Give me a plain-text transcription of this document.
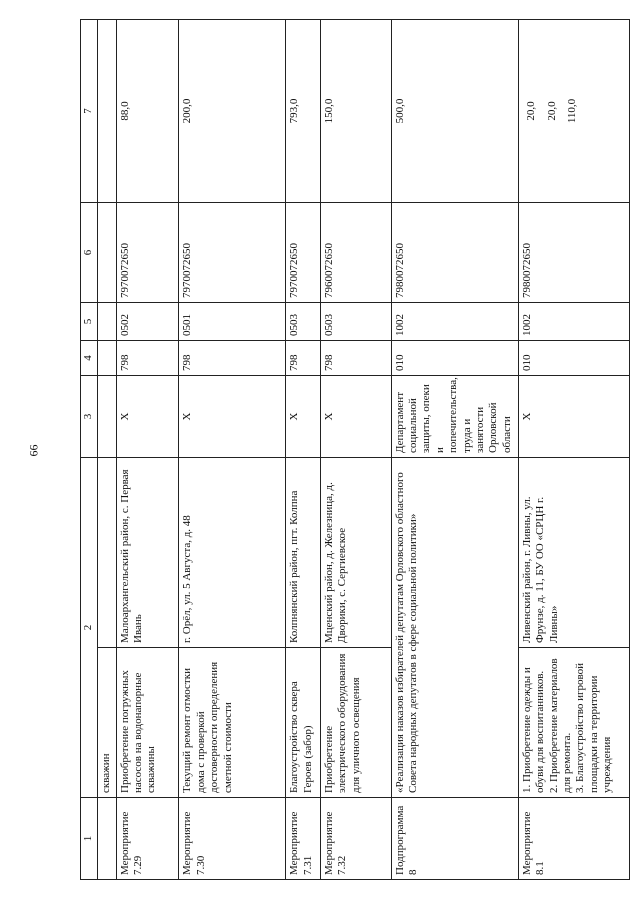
66
1	2		3	4	5	6	7
	скважин						
Мероприятие 7.29	Приобретение погружных насосов на водонапорные скважины	Малоархангельский район, с. Первая Ивань	X	798	0502	7970072650	88,0
Мероприятие 7.30	Текущий ремонт отмостки дома с проверкой достоверности определения сметной стоимости	г. Орёл, ул. 5 Августа, д. 48	X	798	0501	7970072650	200,0
Мероприятие 7.31	Благоустройство сквера Героев (забор)	Колпнянский район, пгт. Колпна	X	798	0503	7970072650	793,0
Мероприятие 7.32	Приобретение электрического оборудования для уличного освещения	Мценский район, д. Железница, д. Дворики, с. Сергиевское	X	798	0503	7960072650	150,0
Подпрограмма 8	«Реализация наказов избирателей депутатам Орловского областного Совета народных депутатов в сфере социальной политики»		Департамент социальной защиты, опеки и попечительства, труда и занятости Орловской области	010	1002	7980072650	500,0
Мероприятие 8.1	1. Приобретение одежды и обуви для воспитанников.
2. Приобретение материалов для ремонта.
3. Благоустройство игровой площадки на территории учреждения	Ливенский район, г. Ливны, ул. Фрунзе, д. 11, БУ ОО «СРЦН г. Ливны»	X	010	1002	7980072650	20,0
20,0
110,0
